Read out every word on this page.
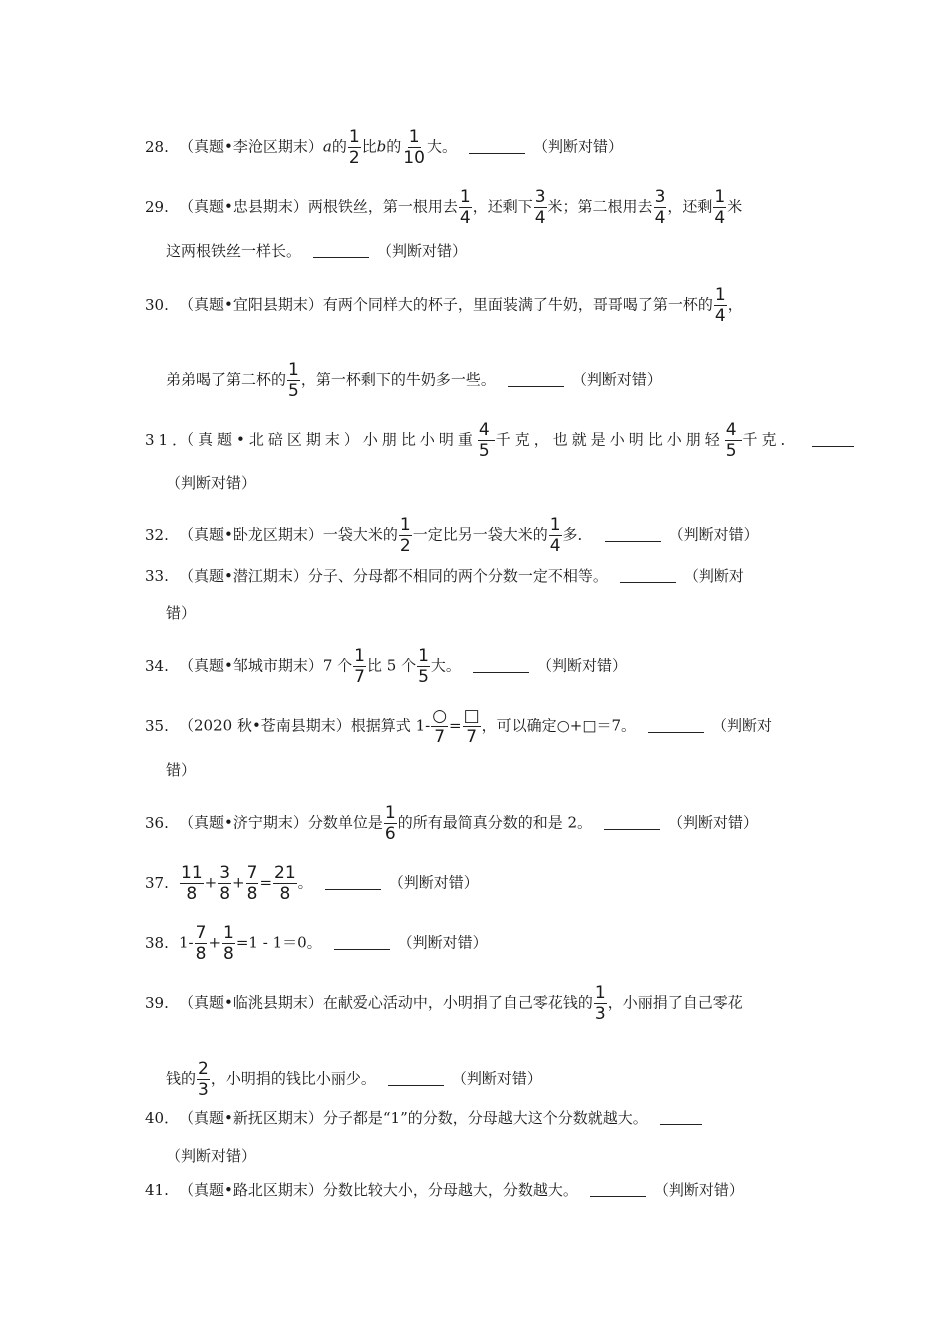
28. （真题•李沧区期末）a的 $\frac{1}{2}$ 比b的 $\frac{1}{10}$ 大。	（判断对错）
29. （真题•忠县期末）两根铁丝，第一根用去 $\frac{1}{4}$ ，还剩下 $\frac{3}{4}$ 米；第二根用去 $\frac{3}{4}$ ，还剩 $\frac{1}{4}$ 米
这两根铁丝一样长。	（判断对错）
30. （真题•宜阳县期末）有两个同样大的杯子，里面装满了牛奶，哥哥喝了第一杯的 $\frac{1}{4}$ ，
弟弟喝了第二杯的 $\frac{1}{5}$ ，第一杯剩下的牛奶多一些。	（判断对错）
31．（真题•北碚区期末）小朋比小明重 $\frac{4}{5}$ 千克，也就是小明比小朋轻 $\frac{4}{5}$ 千克．
（判断对错）
32. （真题•卧龙区期末）一袋大米的 $\frac{1}{2}$ 一定比另一袋大米的 $\frac{1}{4}$ 多．	（判断对错）
33. （真题•潜江期末）分子、分母都不相同的两个分数一定不相等。	（判断对
错）
34. （真题•邹城市期末）7 个 $\frac{1}{7}$ 比 5 个 $\frac{1}{5}$ 大。	（判断对错）
35. （2020 秋•苍南县期末）根据算式 $1- \frac{○}{7} = \frac{□}{7}$ ，可以确定○+□＝7。	（判断对
错）
36. （真题•济宁期末）分数单位是 $\frac{1}{6}$ 的所有最简真分数的和是 2。	（判断对错）
37. $\frac{11}{8} + \frac{3}{8} + \frac{7}{8} = \frac{21}{8}$ 。	（判断对错）
38. $1- \frac{7}{8} + \frac{1}{8} =1 - 1=0$。	（判断对错）
39. （真题•临洮县期末）在献爱心活动中，小明捐了自己零花钱的 $\frac{1}{3}$ ，小丽捐了自己零花
钱的 $\frac{2}{3}$ ，小明捐的钱比小丽少。	（判断对错）
40．（真题•新抚区期末）分子都是“1”的分数，分母越大这个分数就越大。
（判断对错）
41. （真题•路北区期末）分数比较大小，分母越大，分数越大。	（判断对错）
